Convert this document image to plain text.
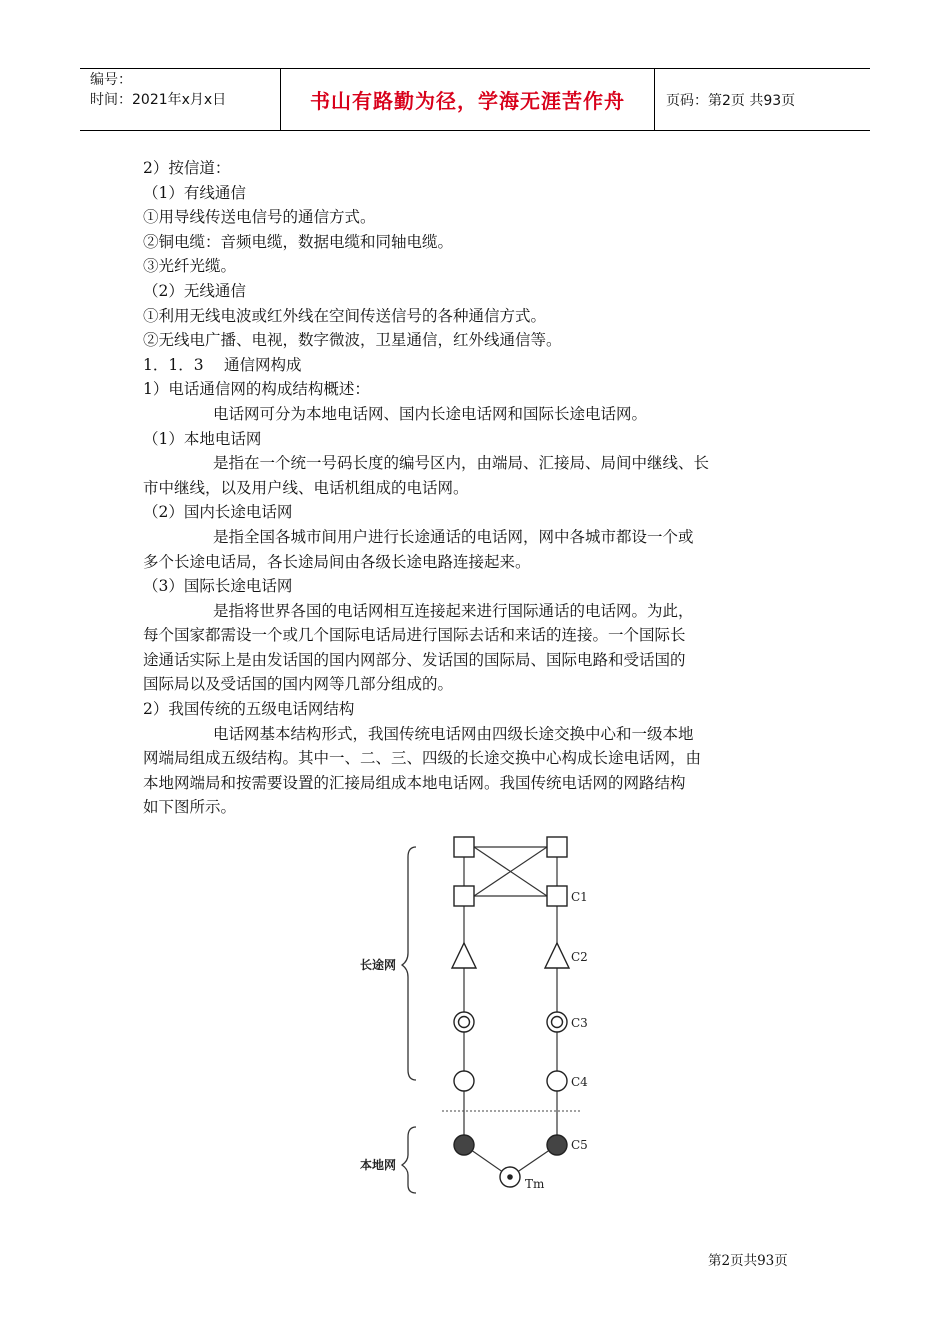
编号：
时间：2021年x月x日	书山有路勤为径，学海无涯苦作舟	页码：第2页 共93页

2）按信道：

（1）有线通信

①用导线传送电信号的通信方式。

②铜电缆：音频电缆，数据电缆和同轴电缆。

③光纤光缆。

（2）无线通信

①利用无线电波或红外线在空间传送信号的各种通信方式。

②无线电广播、电视，数字微波，卫星通信，红外线通信等。

1．1．3　 通信网构成

1）电话通信网的构成结构概述：

电话网可分为本地电话网、国内长途电话网和国际长途电话网。

（1）本地电话网

是指在一个统一号码长度的编号区内，由端局、汇接局、局间中继线、长

市中继线，以及用户线、电话机组成的电话网。

（2）国内长途电话网

是指全国各城市间用户进行长途通话的电话网，网中各城市都设一个或

多个长途电话局，各长途局间由各级长途电路连接起来。

（3）国际长途电话网

是指将世界各国的电话网相互连接起来进行国际通话的电话网。为此，

每个国家都需设一个或几个国际电话局进行国际去话和来话的连接。一个国际长

途通话实际上是由发话国的国内网部分、发话国的国际局、国际电路和受话国的

国际局以及受话国的国内网等几部分组成的。

2）我国传统的五级电话网结构

电话网基本结构形式，我国传统电话网由四级长途交换中心和一级本地

网端局组成五级结构。其中一、二、三、四级的长途交换中心构成长途电话网，由

本地网端局和按需要设置的汇接局组成本地电话网。我国传统电话网的网路结构

如下图所示。

长途网
C1
C2
C3
C4
本地网
C5
Tm
第2页共93页
